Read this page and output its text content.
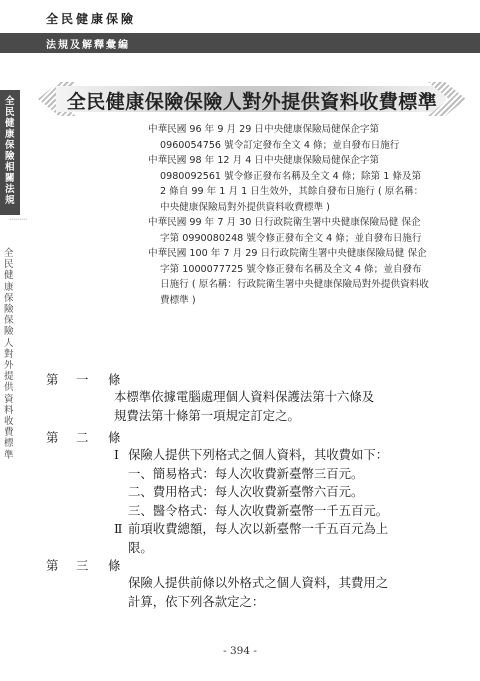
全民健康保險
法規及解釋彙編
全民健康保險相關法規
⋯⋯⋯
全民健康保險保險人對外提供資料收費標準
全民健康保險保險人對外提供資料收費標準

中華民國 96 年 9 月 29 日中央健康保險局健保企字第 0960054756 號令訂定發布全文 4 條；並自發布日施行

中華民國 98 年 12 月 4 日中央健康保險局健保企字第 0980092561 號令修正發布名稱及全文 4 條；除第 1 條及第 2 條自 99 年 1 月 1 日生效外，其餘自發布日施行 ( 原名稱：中央健康保險局對外提供資料收費標準 )

中華民國 99 年 7 月 30 日行政院衛生署中央健康保險局健 保企字第 0990080248 號令修正發布全文 4 條；並自發布日施行

中華民國 100 年 7 月 29 日行政院衛生署中央健康保險局健 保企字第 1000077725 號令修正發布名稱及全文 4 條；並自發布日施行 ( 原名稱：行政院衛生署中央健康保險局對外提供資料收費標準 )

第 一 條
本標準依據電腦處理個人資料保護法第十六條及
規費法第十條第一項規定訂定之。
第 二 條
Ⅰ 保險人提供下列格式之個人資料，其收費如下：
一、簡易格式：每人次收費新臺幣三百元。
二、費用格式：每人次收費新臺幣六百元。
三、醫令格式：每人次收費新臺幣一千五百元。
Ⅱ 前項收費總額，每人次以新臺幣一千五百元為上
限。
第 三 條
保險人提供前條以外格式之個人資料，其費用之
計算，依下列各款定之：
- 394 -
